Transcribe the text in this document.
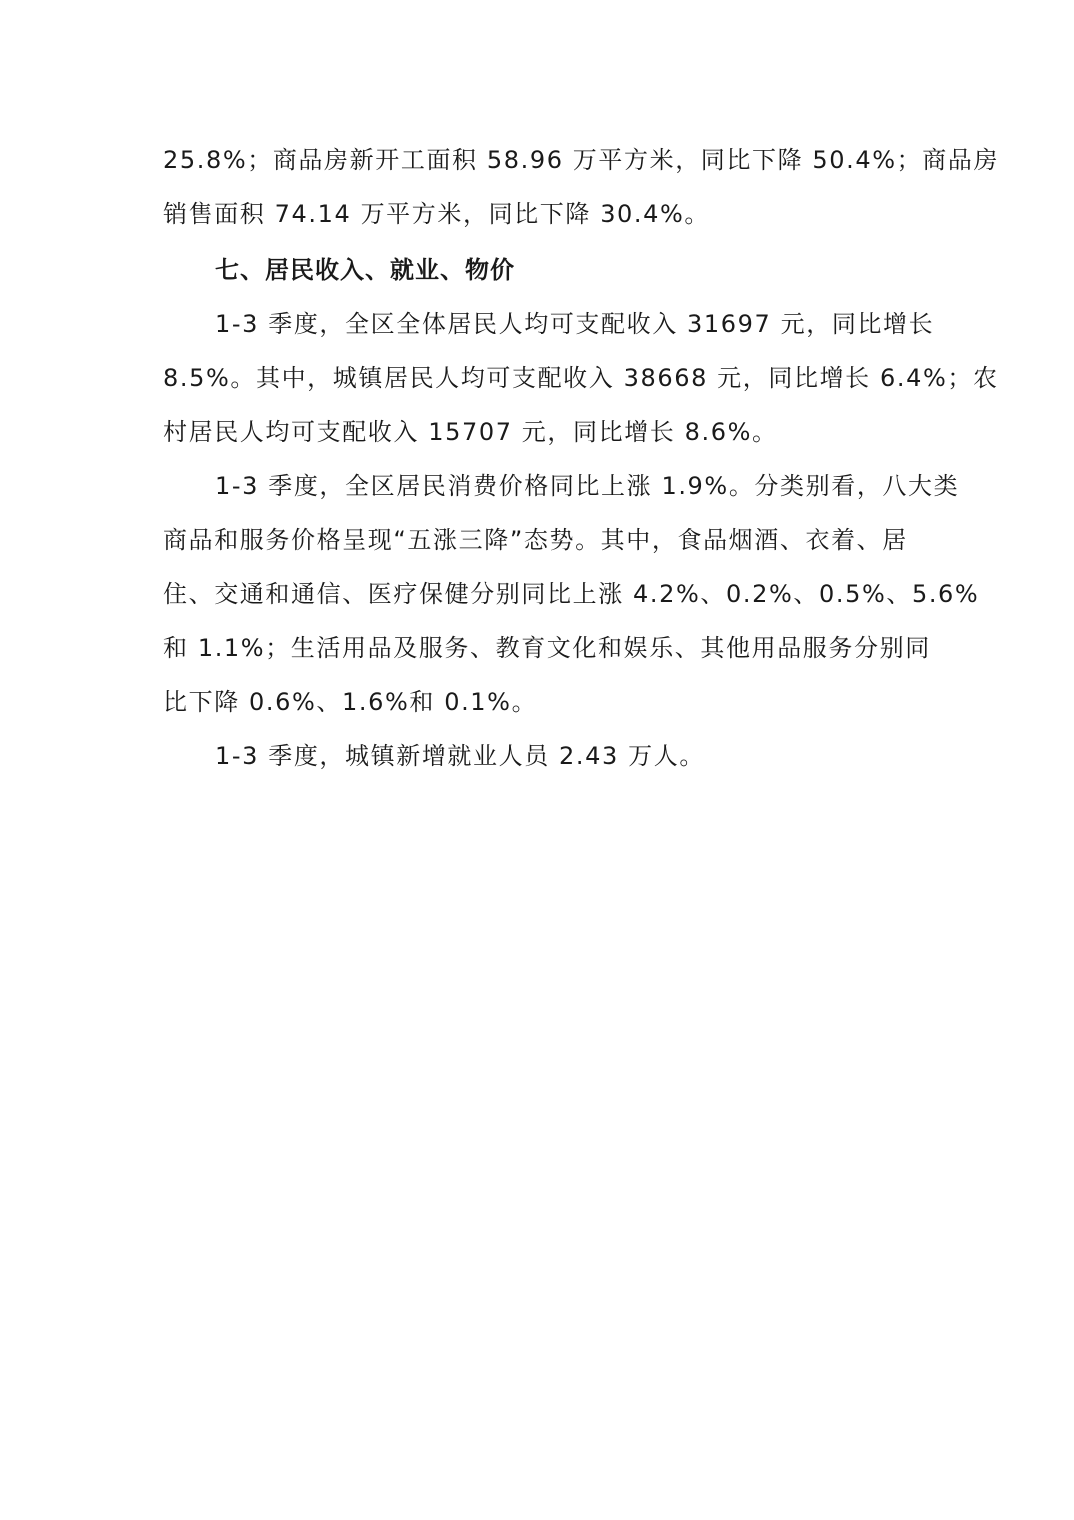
25.8%；商品房新开工面积 58.96 万平方米，同比下降 50.4%；商品房
销售面积 74.14 万平方米，同比下降 30.4%。
七、居民收入、就业、物价
1-3 季度，全区全体居民人均可支配收入 31697 元，同比增长
8.5%。其中，城镇居民人均可支配收入 38668 元，同比增长 6.4%；农
村居民人均可支配收入 15707 元，同比增长 8.6%。
1-3 季度，全区居民消费价格同比上涨 1.9%。分类别看，八大类
商品和服务价格呈现“五涨三降”态势。其中，食品烟酒、衣着、居
住、交通和通信、医疗保健分别同比上涨 4.2%、0.2%、0.5%、5.6%
和 1.1%；生活用品及服务、教育文化和娱乐、其他用品服务分别同
比下降 0.6%、1.6%和 0.1%。
1-3 季度，城镇新增就业人员 2.43 万人。
